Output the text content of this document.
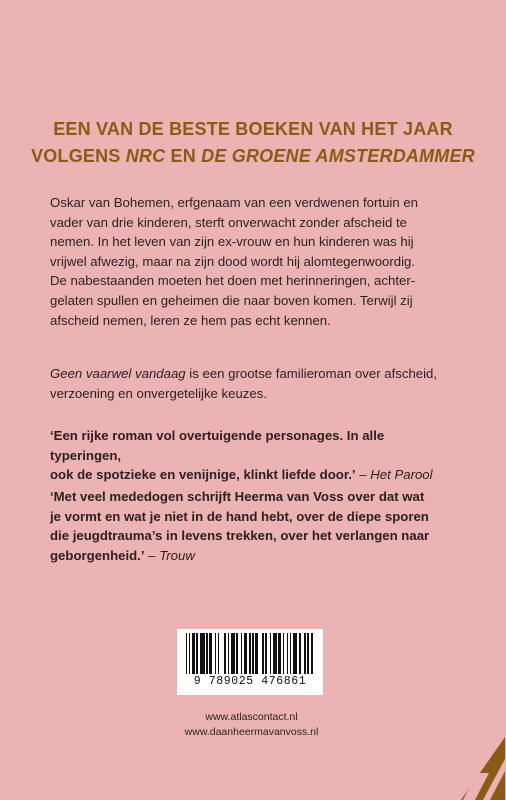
EEN VAN DE BESTE BOEKEN VAN HET JAAR
VOLGENS NRC EN DE GROENE AMSTERDAMMER
Oskar van Bohemen, erfgenaam van een verdwenen fortuin en
vader van drie kinderen, sterft onverwacht zonder afscheid te
nemen. In het leven van zijn ex-vrouw en hun kinderen was hij
vrijwel afwezig, maar na zijn dood wordt hij alomtegenwoordig.
De nabestaanden moeten het doen met herinneringen, achter-
gelaten spullen en geheimen die naar boven komen. Terwijl zij
afscheid nemen, leren ze hem pas echt kennen.
Geen vaarwel vandaag is een grootse familieroman over afscheid,
verzoening en onvergetelijke keuzes.
‘Een rijke roman vol overtuigende personages. In alle typeringen,
ook de spotzieke en venijnige, klinkt liefde door.’ – Het Parool
‘Met veel mededogen schrijft Heerma van Voss over dat wat
je vormt en wat je niet in de hand hebt, over de diepe sporen
die jeugdtrauma’s in levens trekken, over het verlangen naar
geborgenheid.’ – Trouw
9 789025 476861
www.atlascontact.nl
www.daanheermavanvoss.nl
